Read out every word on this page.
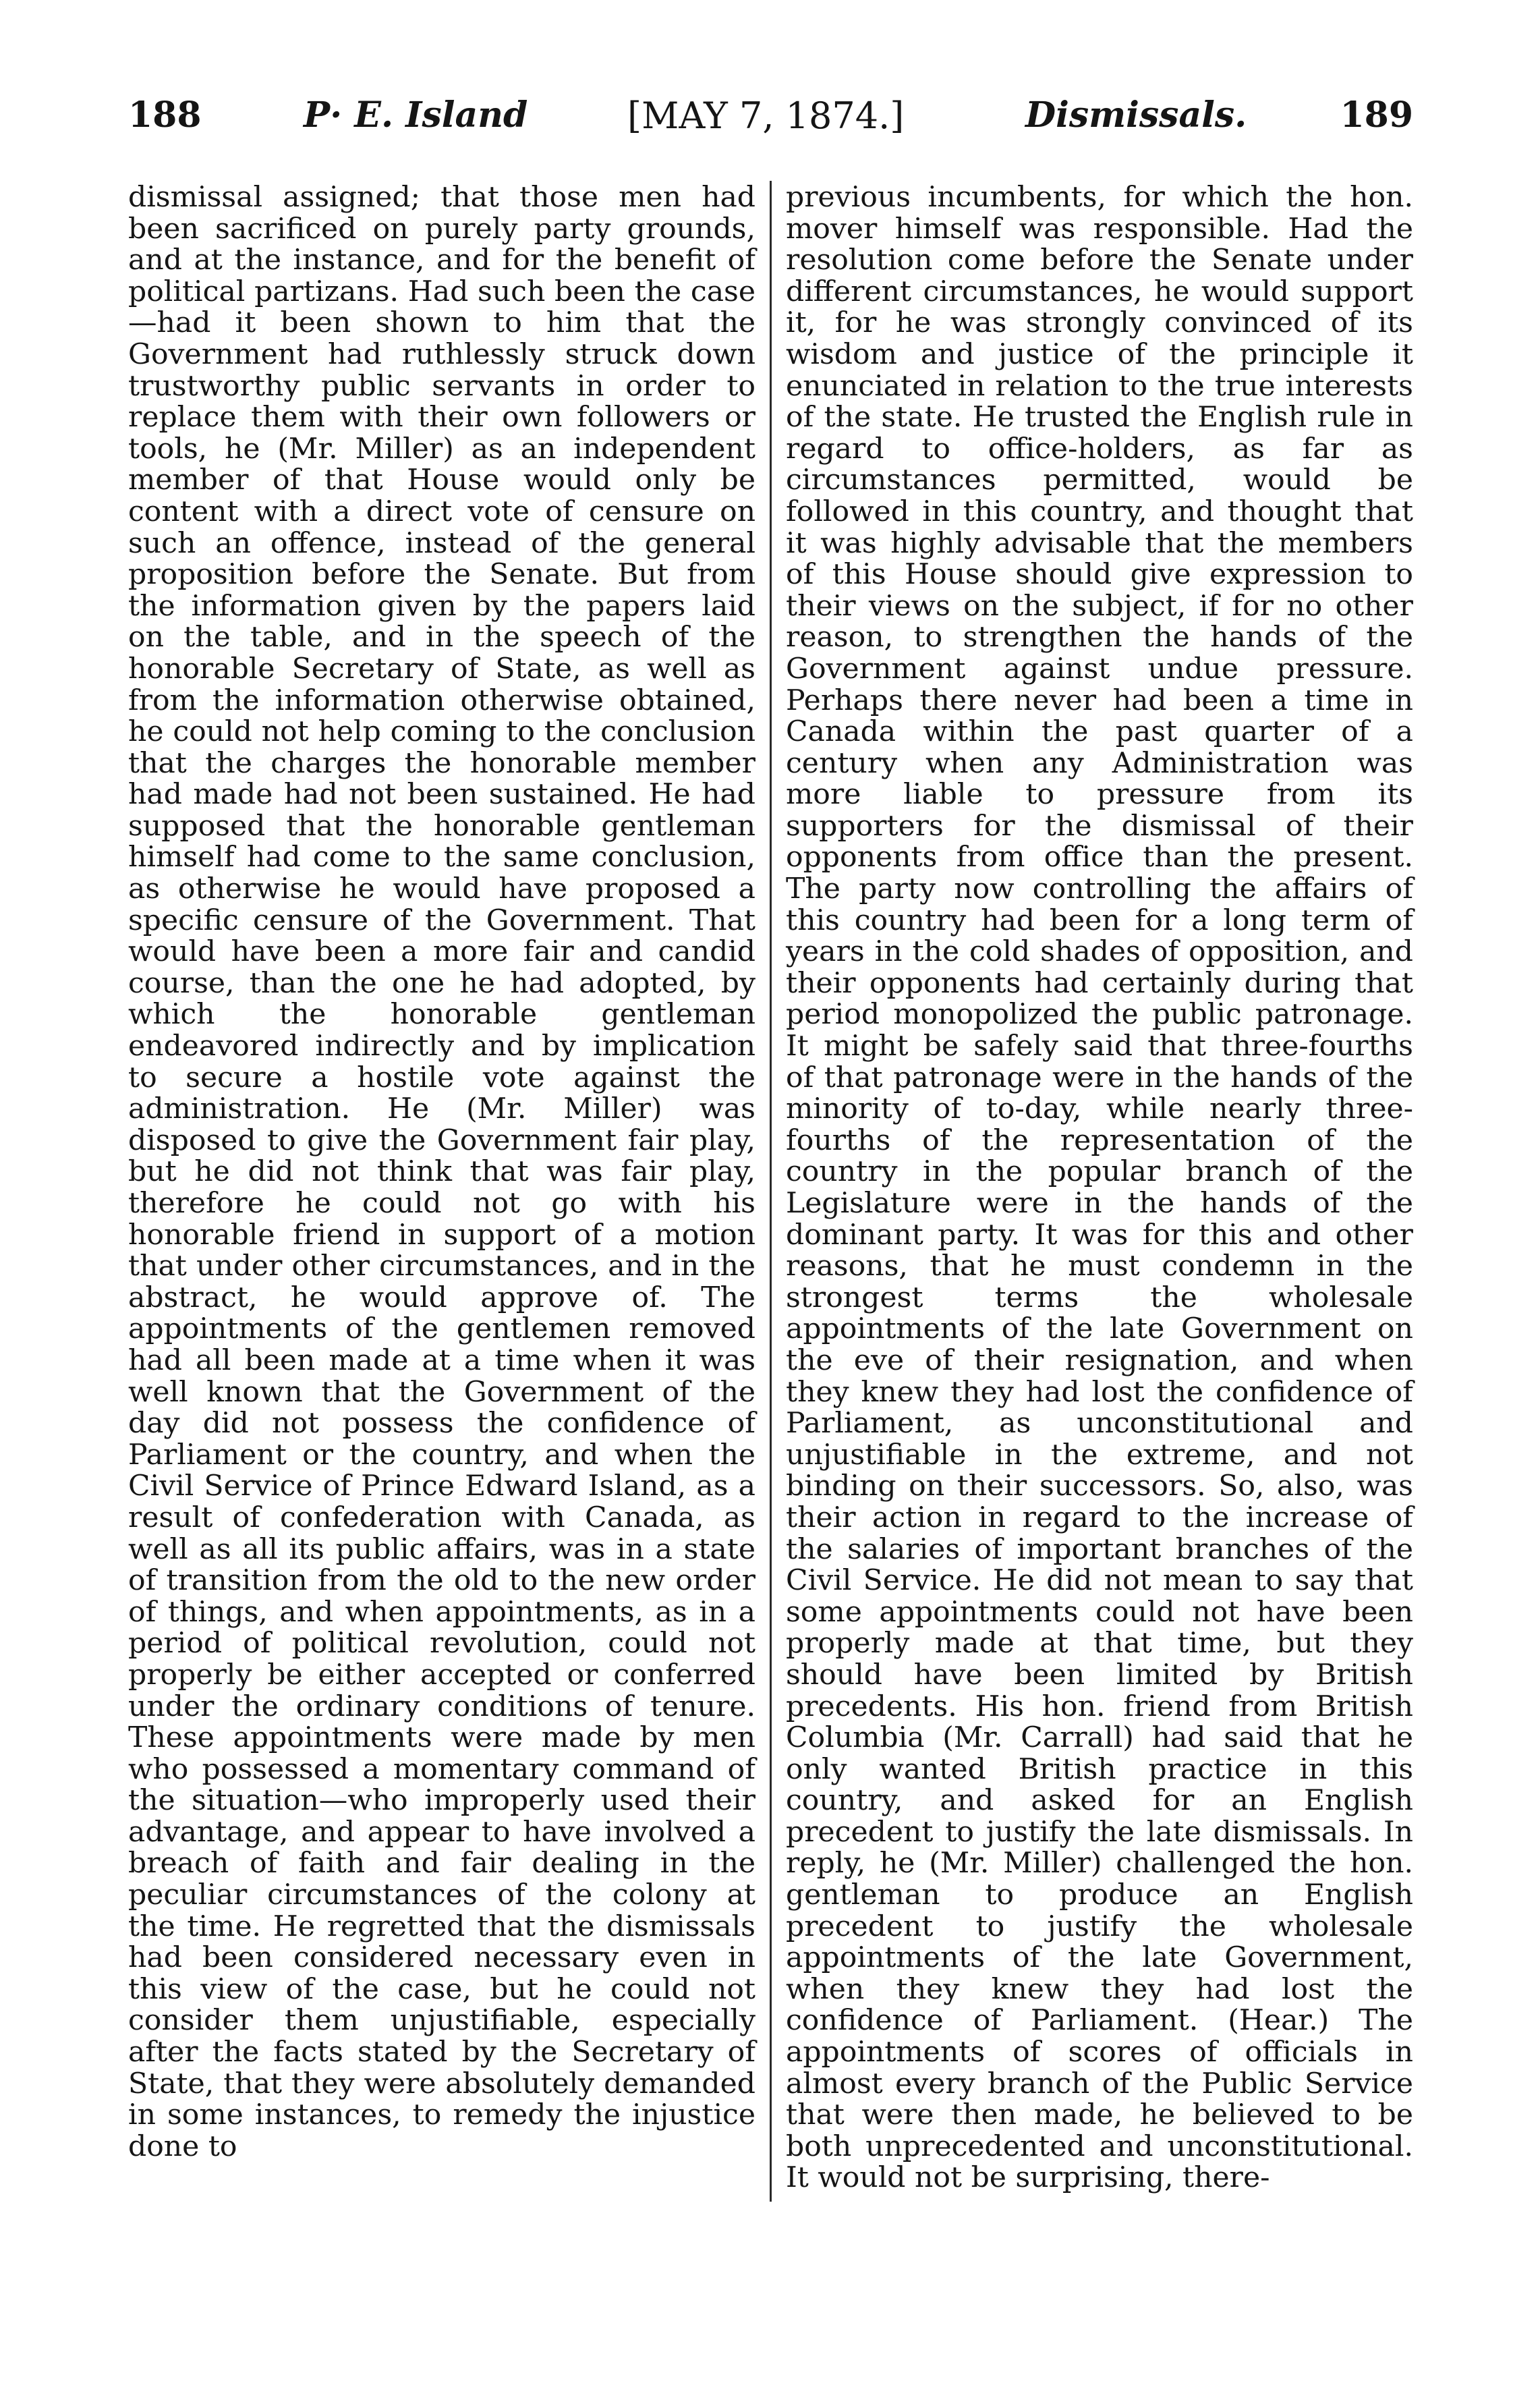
188	P· E. Island	[MAY 7, 1874.]	Dismissals.	189
dismissal assigned; that those men had been sacrificed on purely party grounds, and at the instance, and for the benefit of political partizans. Had such been the case—had it been shown to him that the Government had ruthlessly struck down trustworthy public servants in order to replace them with their own followers or tools, he (Mr. Miller) as an independent member of that House would only be content with a direct vote of censure on such an offence, instead of the general proposition before the Senate. But from the information given by the papers laid on the table, and in the speech of the honorable Secretary of State, as well as from the information otherwise obtained, he could not help coming to the conclusion that the charges the honorable member had made had not been sustained. He had supposed that the honorable gentleman himself had come to the same conclusion, as otherwise he would have proposed a specific censure of the Government. That would have been a more fair and candid course, than the one he had adopted, by which the honorable gentleman endeavored indirectly and by implication to secure a hostile vote against the administration. He (Mr. Miller) was disposed to give the Government fair play, but he did not think that was fair play, therefore he could not go with his honorable friend in support of a motion that under other circumstances, and in the abstract, he would approve of. The appointments of the gentlemen removed had all been made at a time when it was well known that the Government of the day did not possess the confidence of Parliament or the country, and when the Civil Service of Prince Edward Island, as a result of confederation with Canada, as well as all its public affairs, was in a state of transition from the old to the new order of things, and when appointments, as in a period of political revolution, could not properly be either accepted or conferred under the ordinary conditions of tenure. These appointments were made by men who possessed a momentary command of the situation—who improperly used their advantage, and appear to have involved a breach of faith and fair dealing in the peculiar circumstances of the colony at the time. He regretted that the dismissals had been considered necessary even in this view of the case, but he could not consider them unjustifiable, especially after the facts stated by the Secretary of State, that they were absolutely demanded in some instances, to remedy the injustice done to
previous incumbents, for which the hon. mover himself was responsible. Had the resolution come before the Senate under different circumstances, he would support it, for he was strongly convinced of its wisdom and justice of the principle it enunciated in relation to the true interests of the state. He trusted the English rule in regard to office-holders, as far as circumstances permitted, would be followed in this country, and thought that it was highly advisable that the members of this House should give expression to their views on the subject, if for no other reason, to strengthen the hands of the Government against undue pressure. Perhaps there never had been a time in Canada within the past quarter of a century when any Administration was more liable to pressure from its supporters for the dismissal of their opponents from office than the present. The party now controlling the affairs of this country had been for a long term of years in the cold shades of opposition, and their opponents had certainly during that period monopolized the public patronage. It might be safely said that three-fourths of that patronage were in the hands of the minority of to-day, while nearly three-fourths of the representation of the country in the popular branch of the Legislature were in the hands of the dominant party. It was for this and other reasons, that he must condemn in the strongest terms the wholesale appointments of the late Government on the eve of their resignation, and when they knew they had lost the confidence of Parliament, as unconstitutional and unjustifiable in the extreme, and not binding on their successors. So, also, was their action in regard to the increase of the salaries of important branches of the Civil Service. He did not mean to say that some appointments could not have been properly made at that time, but they should have been limited by British precedents. His hon. friend from British Columbia (Mr. Carrall) had said that he only wanted British practice in this country, and asked for an English precedent to justify the late dismissals. In reply, he (Mr. Miller) challenged the hon. gentleman to produce an English precedent to justify the wholesale appointments of the late Government, when they knew they had lost the confidence of Parliament. (Hear.) The appointments of scores of officials in almost every branch of the Public Service that were then made, he believed to be both unprecedented and unconstitutional. It would not be surprising, there-
